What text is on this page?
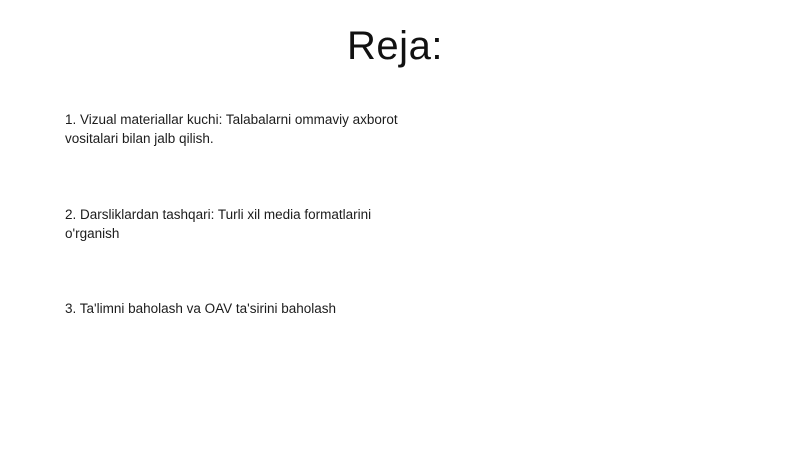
Reja:
1. Vizual materiallar kuchi: Talabalarni ommaviy axborot vositalari bilan jalb qilish.
2. Darsliklardan tashqari: Turli xil media formatlarini o'rganish
3. Ta'limni baholash va OAV ta'sirini baholash
